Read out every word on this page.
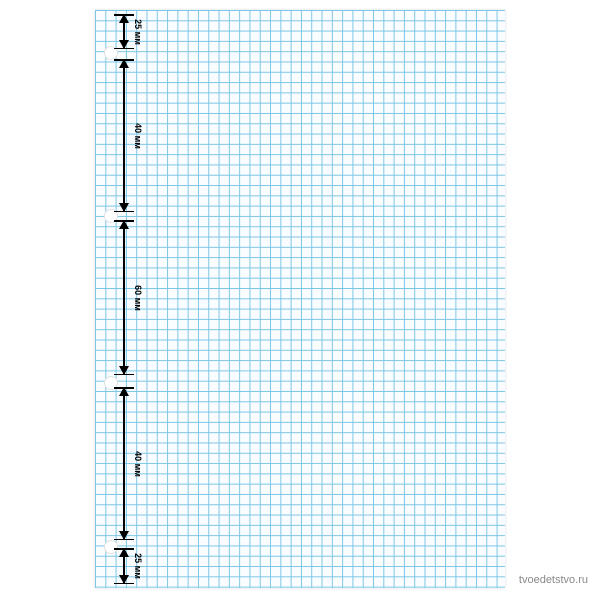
25 мм
40 мм
60 мм
40 мм
25 мм
tvoedetstvo.ru
